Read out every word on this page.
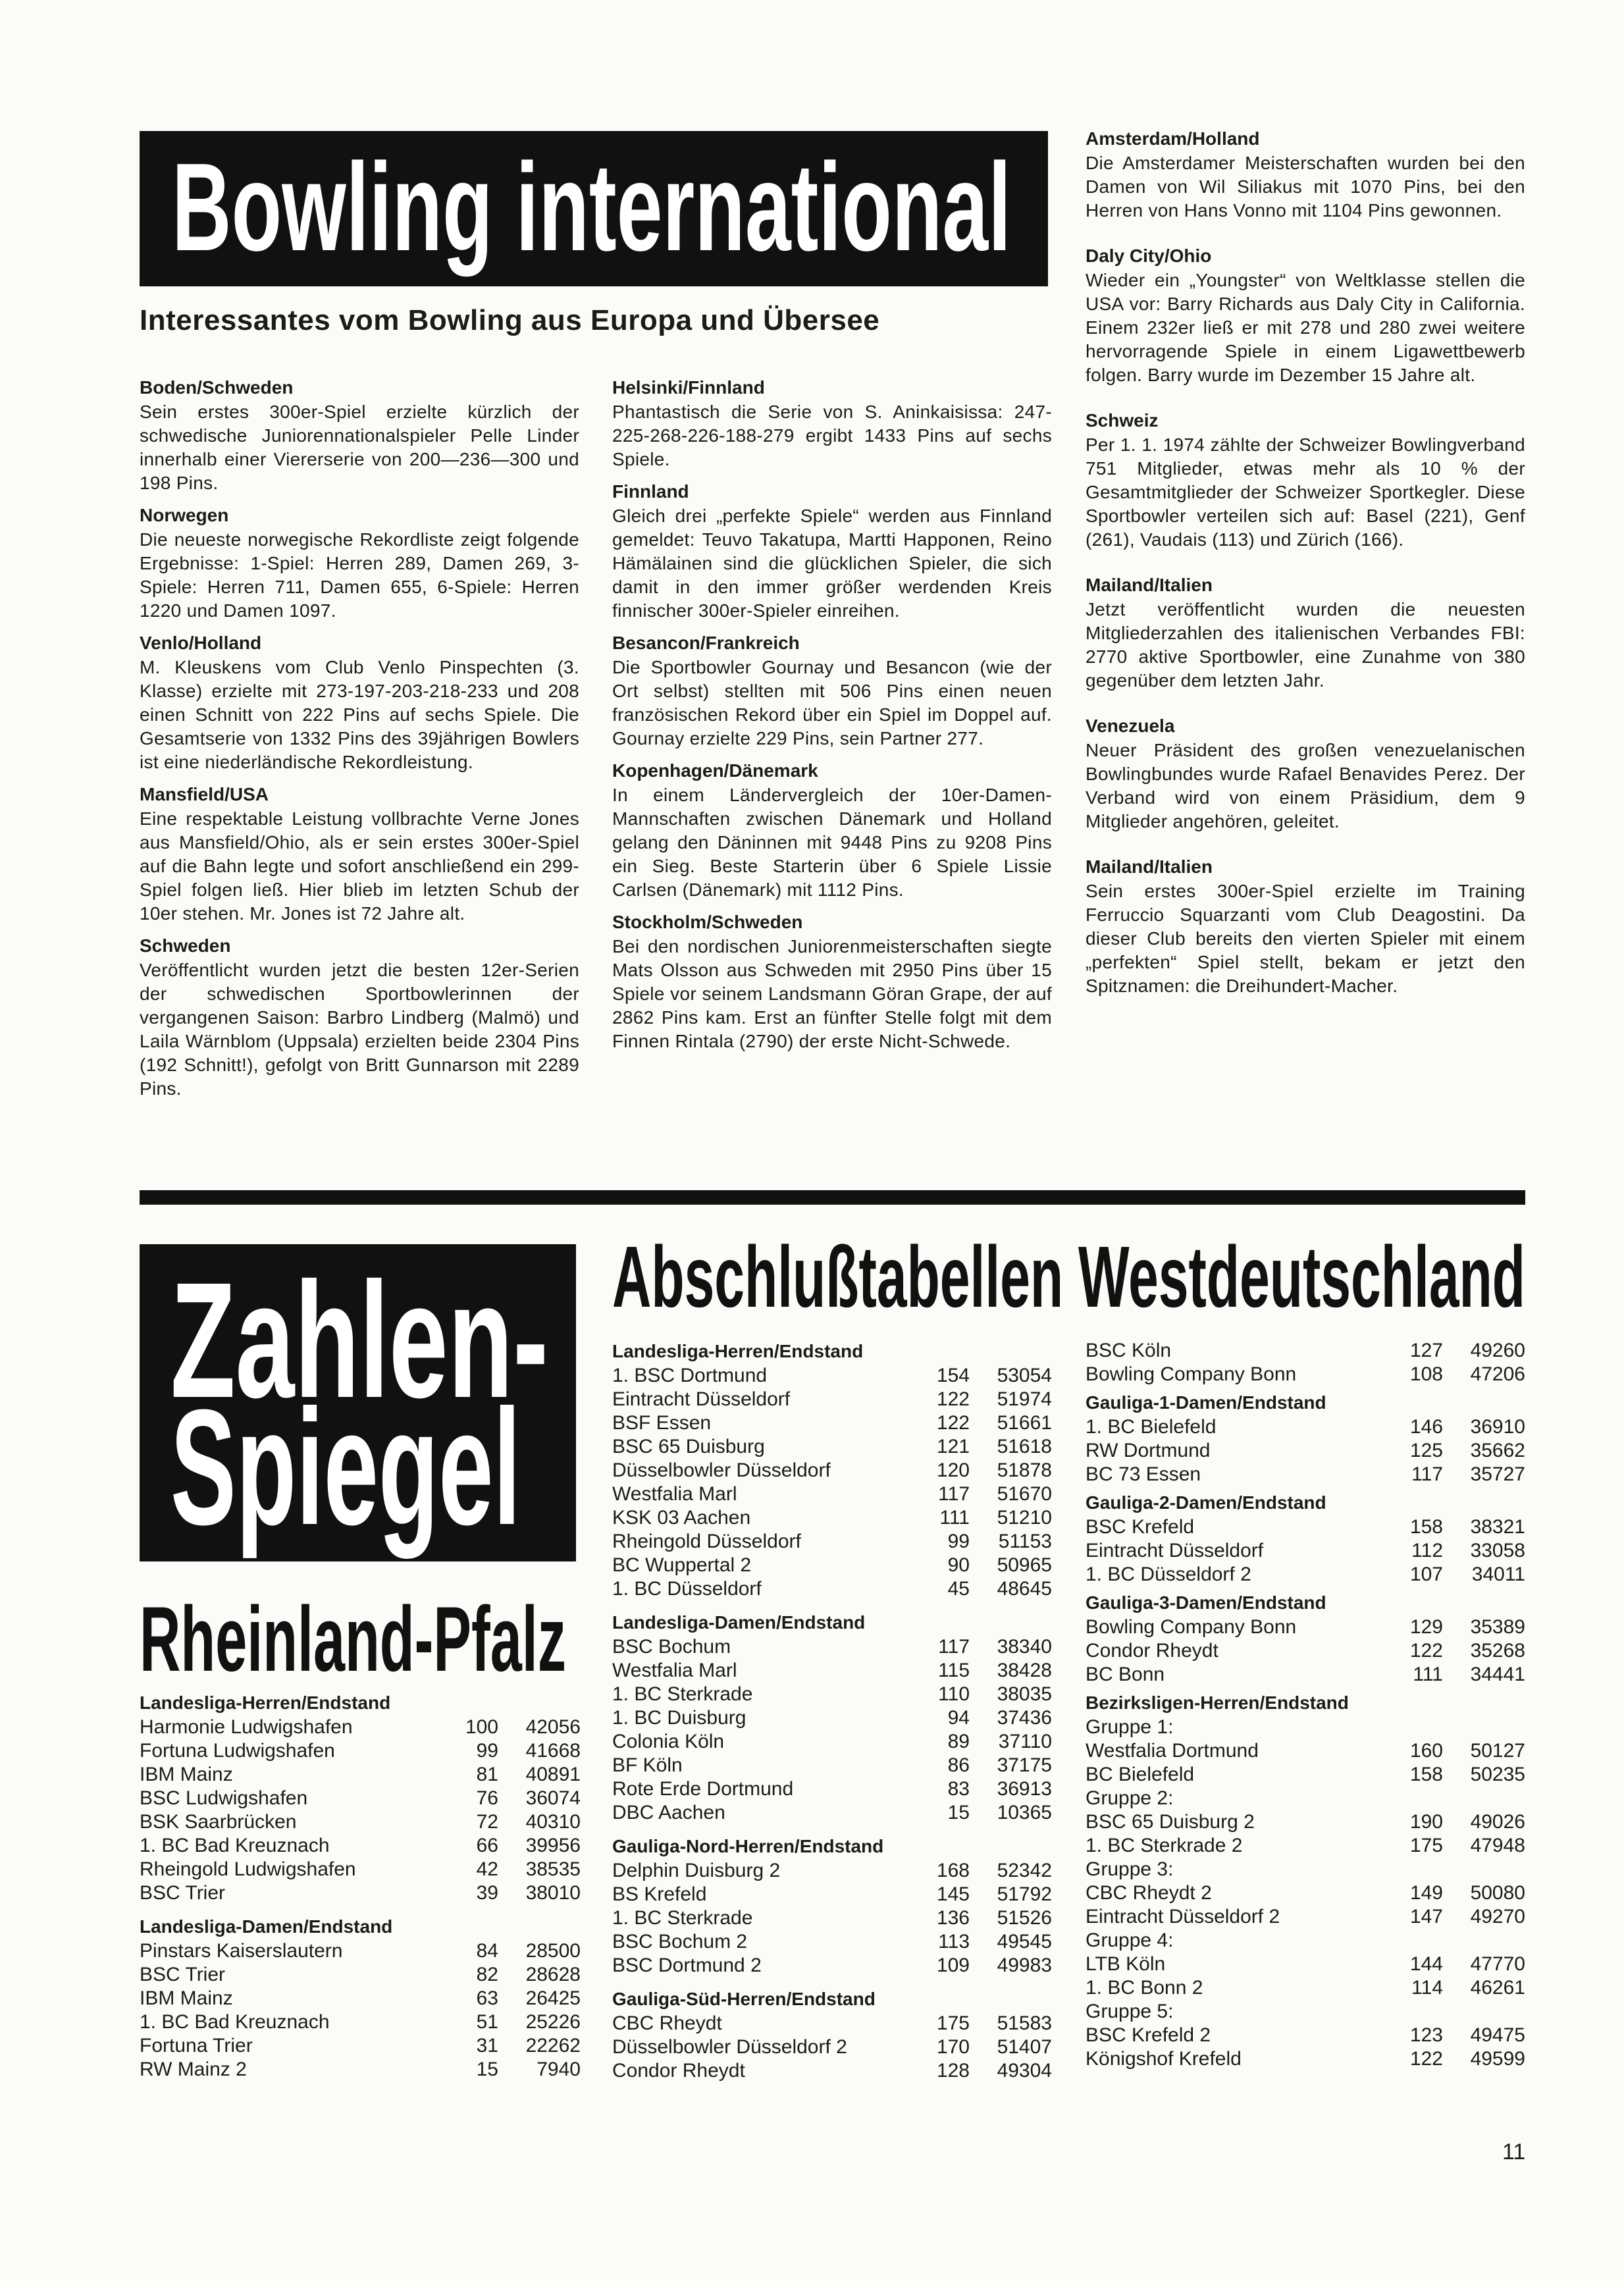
Bowling international
Interessantes vom Bowling aus Europa und Übersee
Boden/Schweden

Sein erstes 300er-Spiel erzielte kürzlich der schwedische Juniorennationalspieler Pelle Linder innerhalb einer Viererserie von 200—236—300 und 198 Pins.

Norwegen

Die neueste norwegische Rekordliste zeigt folgende Ergebnisse: 1-Spiel: Herren 289, Damen 269, 3-Spiele: Herren 711, Damen 655, 6-Spiele: Herren 1220 und Damen 1097.

Venlo/Holland

M. Kleuskens vom Club Venlo Pinspechten (3. Klasse) erzielte mit 273-197-203-218-233 und 208 einen Schnitt von 222 Pins auf sechs Spiele. Die Gesamtserie von 1332 Pins des 39jährigen Bowlers ist eine niederländische Rekordleistung.

Mansfield/USA

Eine respektable Leistung vollbrachte Verne Jones aus Mansfield/Ohio, als er sein erstes 300er-Spiel auf die Bahn legte und sofort anschließend ein 299-Spiel folgen ließ. Hier blieb im letzten Schub der 10er stehen. Mr. Jones ist 72 Jahre alt.

Schweden

Veröffentlicht wurden jetzt die besten 12er-Serien der schwedischen Sportbowlerinnen der vergangenen Saison: Barbro Lindberg (Malmö) und Laila Wärnblom (Uppsala) erzielten beide 2304 Pins (192 Schnitt!), gefolgt von Britt Gunnarson mit 2289 Pins.

Helsinki/Finnland

Phantastisch die Serie von S. Aninkaisissa: 247-225-268-226-188-279 ergibt 1433 Pins auf sechs Spiele.

Finnland

Gleich drei „perfekte Spiele“ werden aus Finnland gemeldet: Teuvo Takatupa, Martti Happonen, Reino Hämälainen sind die glücklichen Spieler, die sich damit in den immer größer werdenden Kreis finnischer 300er-Spieler einreihen.

Besancon/Frankreich

Die Sportbowler Gournay und Besancon (wie der Ort selbst) stellten mit 506 Pins einen neuen französischen Rekord über ein Spiel im Doppel auf. Gournay erzielte 229 Pins, sein Partner 277.

Kopenhagen/Dänemark

In einem Ländervergleich der 10er-Damen-Mannschaften zwischen Dänemark und Holland gelang den Däninnen mit 9448 Pins zu 9208 Pins ein Sieg. Beste Starterin über 6 Spiele Lissie Carlsen (Dänemark) mit 1112 Pins.

Stockholm/Schweden

Bei den nordischen Juniorenmeisterschaften siegte Mats Olsson aus Schweden mit 2950 Pins über 15 Spiele vor seinem Landsmann Göran Grape, der auf 2862 Pins kam. Erst an fünfter Stelle folgt mit dem Finnen Rintala (2790) der erste Nicht-Schwede.

Amsterdam/Holland

Die Amsterdamer Meisterschaften wurden bei den Damen von Wil Siliakus mit 1070 Pins, bei den Herren von Hans Vonno mit 1104 Pins gewonnen.

Daly City/Ohio

Wieder ein „Youngster“ von Weltklasse stellen die USA vor: Barry Richards aus Daly City in California. Einem 232er ließ er mit 278 und 280 zwei weitere hervorragende Spiele in einem Ligawettbewerb folgen. Barry wurde im Dezember 15 Jahre alt.

Schweiz

Per 1. 1. 1974 zählte der Schweizer Bowlingverband 751 Mitglieder, etwas mehr als 10 % der Gesamtmitglieder der Schweizer Sportkegler. Diese Sportbowler verteilen sich auf: Basel (221), Genf (261), Vaudais (113) und Zürich (166).

Mailand/Italien

Jetzt veröffentlicht wurden die neuesten Mitgliederzahlen des italienischen Verbandes FBI: 2770 aktive Sportbowler, eine Zunahme von 380 gegenüber dem letzten Jahr.

Venezuela

Neuer Präsident des großen venezuelanischen Bowlingbundes wurde Rafael Benavides Perez. Der Verband wird von einem Präsidium, dem 9 Mitglieder angehören, geleitet.

Mailand/Italien

Sein erstes 300er-Spiel erzielte im Training Ferruccio Squarzanti vom Club Deagostini. Da dieser Club bereits den vierten Spieler mit einem „perfekten“ Spiel stellt, bekam er jetzt den Spitznamen: die Dreihundert-Macher.

Zahlen-
Spiegel
Rheinland-Pfalz
Landesliga-Herren/Endstand
Harmonie Ludwigshafen	100	42056
Fortuna Ludwigshafen	99	41668
IBM Mainz	81	40891
BSC Ludwigshafen	76	36074
BSK Saarbrücken	72	40310
1. BC Bad Kreuznach	66	39956
Rheingold Ludwigshafen	42	38535
BSC Trier	39	38010
Landesliga-Damen/Endstand
Pinstars Kaiserslautern	84	28500
BSC Trier	82	28628
IBM Mainz	63	26425
1. BC Bad Kreuznach	51	25226
Fortuna Trier	31	22262
RW Mainz 2	15	7940
Abschlußtabellen Westdeutschland
Landesliga-Herren/Endstand
1. BSC Dortmund	154	53054
Eintracht Düsseldorf	122	51974
BSF Essen	122	51661
BSC 65 Duisburg	121	51618
Düsselbowler Düsseldorf	120	51878
Westfalia Marl	117	51670
KSK 03 Aachen	111	51210
Rheingold Düsseldorf	99	51153
BC Wuppertal 2	90	50965
1. BC Düsseldorf	45	48645
Landesliga-Damen/Endstand
BSC Bochum	117	38340
Westfalia Marl	115	38428
1. BC Sterkrade	110	38035
1. BC Duisburg	94	37436
Colonia Köln	89	37110
BF Köln	86	37175
Rote Erde Dortmund	83	36913
DBC Aachen	15	10365
Gauliga-Nord-Herren/Endstand
Delphin Duisburg 2	168	52342
BS Krefeld	145	51792
1. BC Sterkrade	136	51526
BSC Bochum 2	113	49545
BSC Dortmund 2	109	49983
Gauliga-Süd-Herren/Endstand
CBC Rheydt	175	51583
Düsselbowler Düsseldorf 2	170	51407
Condor Rheydt	128	49304
BSC Köln	127	49260
Bowling Company Bonn	108	47206
Gauliga-1-Damen/Endstand
1. BC Bielefeld	146	36910
RW Dortmund	125	35662
BC 73 Essen	117	35727
Gauliga-2-Damen/Endstand
BSC Krefeld	158	38321
Eintracht Düsseldorf	112	33058
1. BC Düsseldorf 2	107	34011
Gauliga-3-Damen/Endstand
Bowling Company Bonn	129	35389
Condor Rheydt	122	35268
BC Bonn	111	34441
Bezirksligen-Herren/Endstand
Gruppe 1:
Westfalia Dortmund	160	50127
BC Bielefeld	158	50235
Gruppe 2:
BSC 65 Duisburg 2	190	49026
1. BC Sterkrade 2	175	47948
Gruppe 3:
CBC Rheydt 2	149	50080
Eintracht Düsseldorf 2	147	49270
Gruppe 4:
LTB Köln	144	47770
1. BC Bonn 2	114	46261
Gruppe 5:
BSC Krefeld 2	123	49475
Königshof Krefeld	122	49599
11
